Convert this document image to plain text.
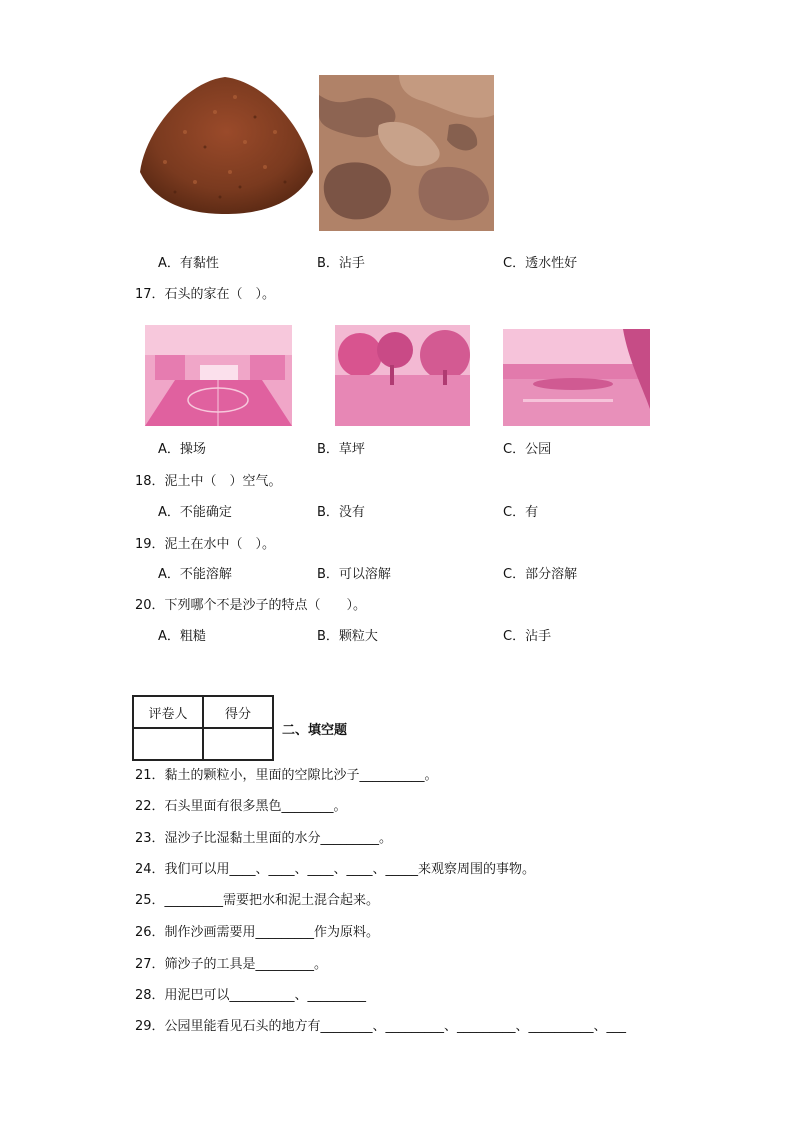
A．有黏性	B．沾手	C．透水性好
17．石头的家在（　）。
A．操场	B．草坪	C．公园
18．泥土中（　）空气。
A．不能确定	B．没有	C．有
19．泥土在水中（　）。
A．不能溶解	B．可以溶解	C．部分溶解
20．下列哪个不是沙子的特点（　　）。
A．粗糙	B．颗粒大	C．沾手
评卷人	得分

二、填空题
21．黏土的颗粒小，里面的空隙比沙子__________。
22．石头里面有很多黑色________。
23．湿沙子比湿黏土里面的水分_________。
24．我们可以用____、____、____、____、_____来观察周围的事物。
25．_________需要把水和泥土混合起来。
26．制作沙画需要用_________作为原料。
27．筛沙子的工具是_________。
28．用泥巴可以__________、_________
29．公园里能看见石头的地方有________、_________、_________、__________、___
